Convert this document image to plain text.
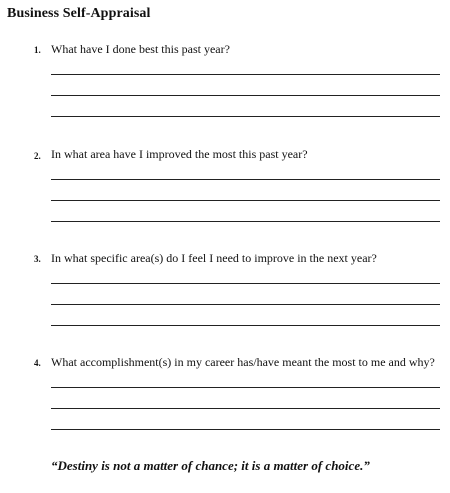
Business Self-Appraisal
1. What have I done best this past year?
2. In what area have I improved the most this past year?
3. In what specific area(s) do I feel I need to improve in the next year?
4. What accomplishment(s) in my career has/have meant the most to me and why?
“Destiny is not a matter of chance; it is a matter of choice.”
